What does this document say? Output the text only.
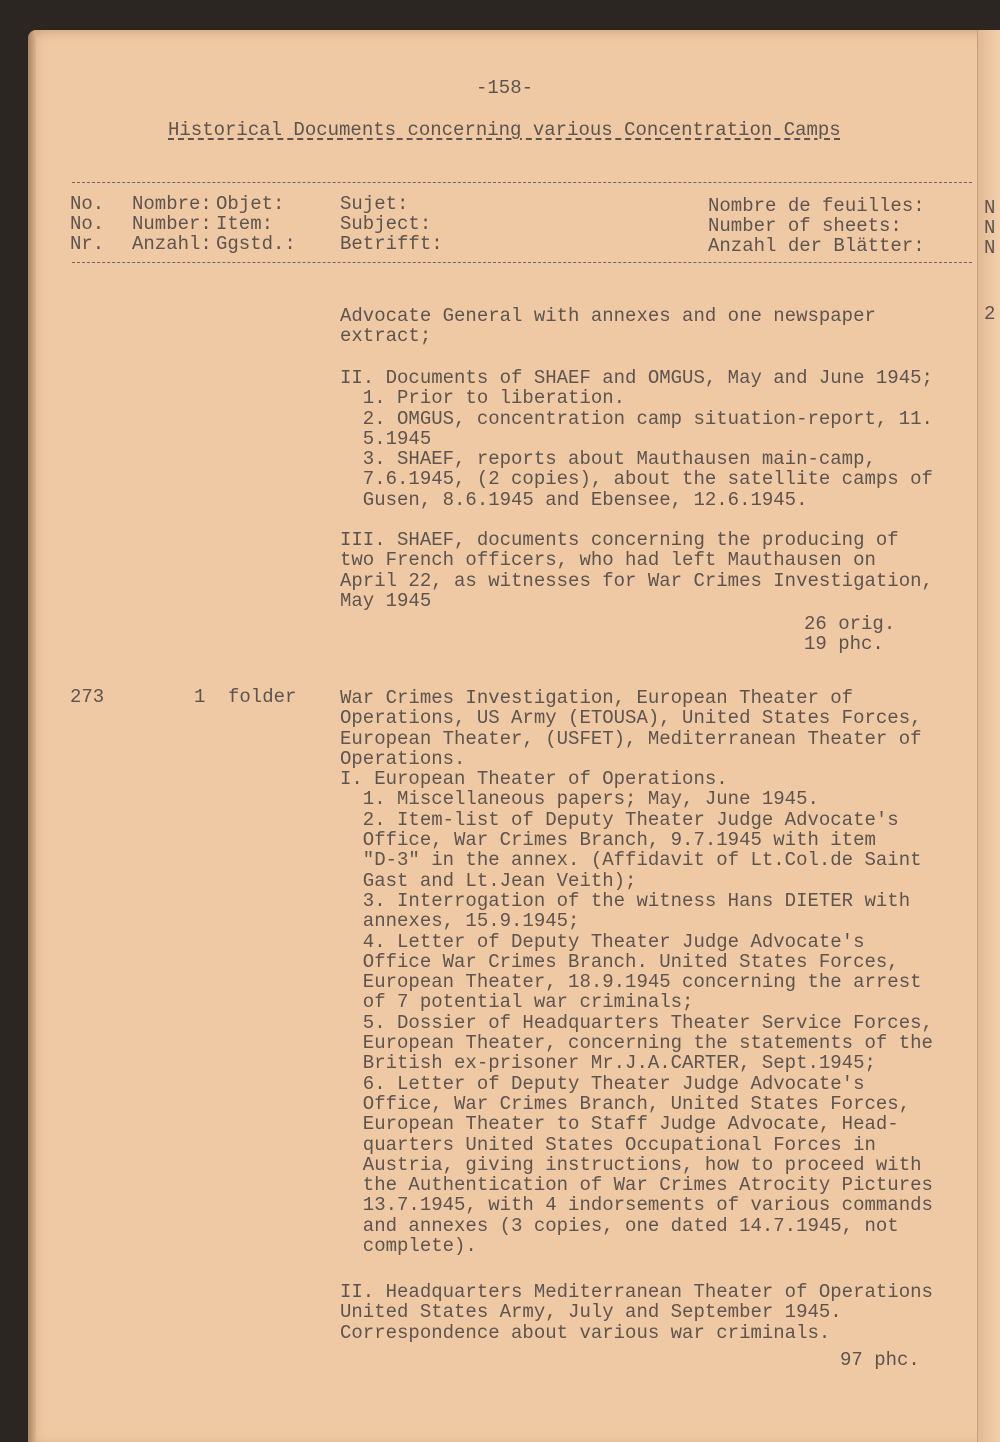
N
N
N
2
-158-
Historical Documents concerning various Concentration Camps
No.
No.
Nr.
Nombre:
Number:
Anzahl:
Objet:
Item:
Ggstd.:
Sujet:
Subject:
Betrifft:
Nombre de feuilles:
Number of sheets:
Anzahl der Blätter:
Advocate General with annexes and one newspaper
extract;
II. Documents of SHAEF and OMGUS, May and June 1945;
1. Prior to liberation.
2. OMGUS, concentration camp situation-report, 11.
5.1945
3. SHAEF, reports about Mauthausen main-camp,
7.6.1945, (2 copies), about the satellite camps of
Gusen, 8.6.1945 and Ebensee, 12.6.1945.
III. SHAEF, documents concerning the producing of
two French officers, who had left Mauthausen on
April 22, as witnesses for War Crimes Investigation,
May 1945
26 orig.
19 phc.
273	1 folder War Crimes Investigation, European Theater of
Operations, US Army (ETOUSA), United States Forces,
European Theater, (USFET), Mediterranean Theater of
Operations.
I. European Theater of Operations.
1. Miscellaneous papers; May, June 1945.
2. Item-list of Deputy Theater Judge Advocate's
Office, War Crimes Branch, 9.7.1945 with item
"D-3" in the annex. (Affidavit of Lt.Col.de Saint
Gast and Lt.Jean Veith);
3. Interrogation of the witness Hans DIETER with
annexes, 15.9.1945;
4. Letter of Deputy Theater Judge Advocate's
Office War Crimes Branch. United States Forces,
European Theater, 18.9.1945 concerning the arrest
of 7 potential war criminals;
5. Dossier of Headquarters Theater Service Forces,
European Theater, concerning the statements of the
British ex-prisoner Mr.J.A.CARTER, Sept.1945;
6. Letter of Deputy Theater Judge Advocate's
Office, War Crimes Branch, United States Forces,
European Theater to Staff Judge Advocate, Head-
quarters United States Occupational Forces in
Austria, giving instructions, how to proceed with
the Authentication of War Crimes Atrocity Pictures
13.7.1945, with 4 indorsements of various commands
and annexes (3 copies, one dated 14.7.1945, not
complete).
II. Headquarters Mediterranean Theater of Operations
United States Army, July and September 1945.
Correspondence about various war criminals.
97 phc.
